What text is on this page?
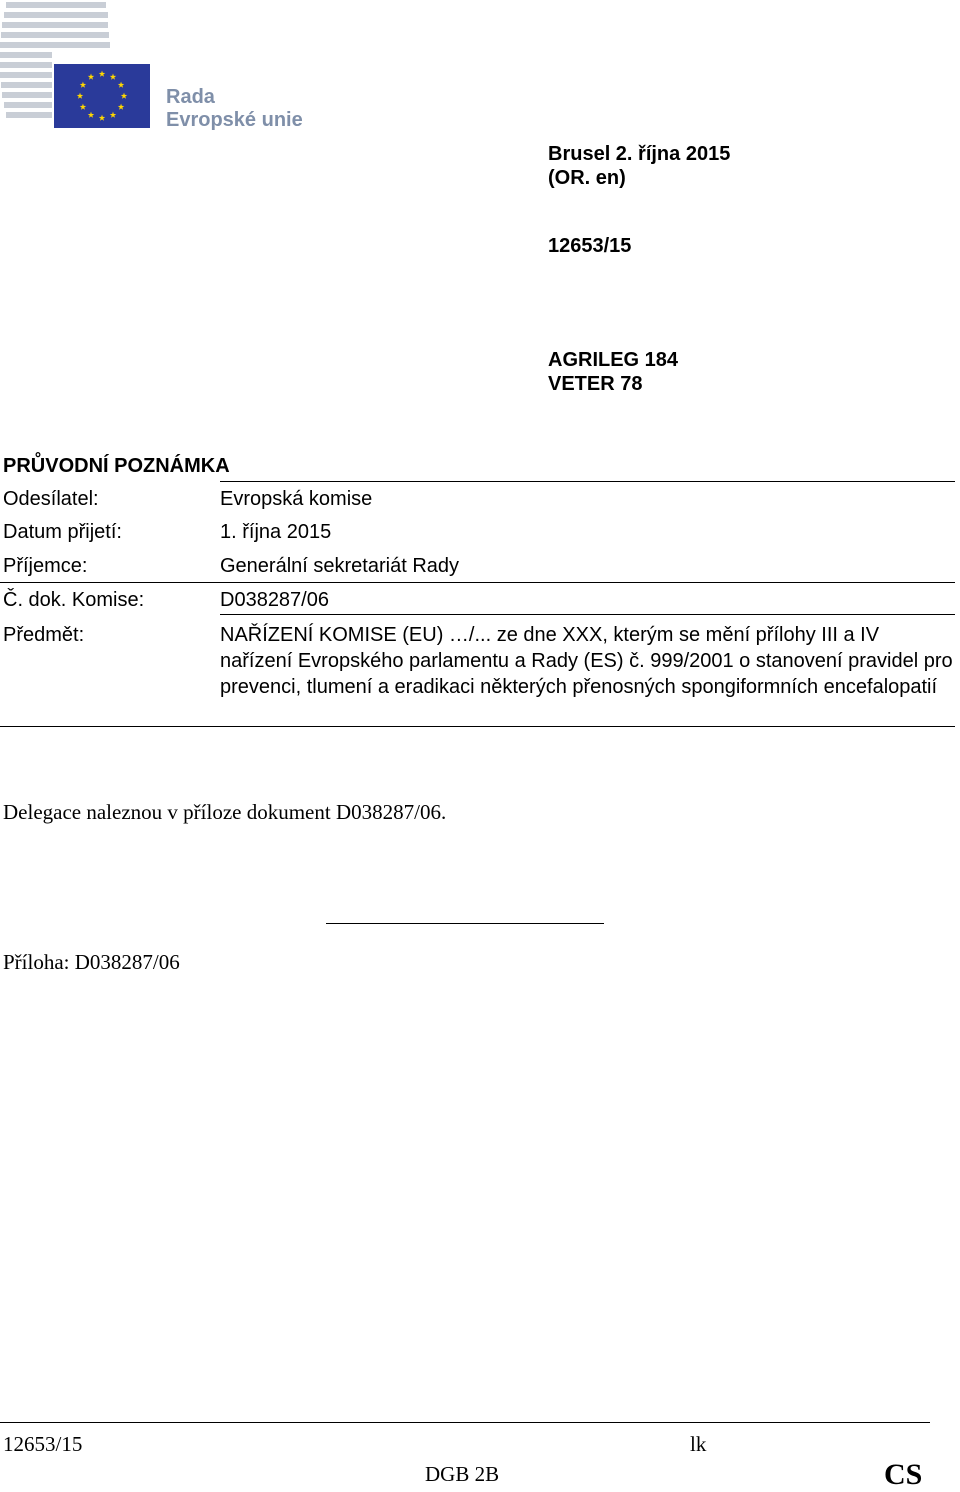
Rada
Evropské unie
Brusel 2. října 2015
(OR. en)
12653/15
AGRILEG 184
VETER 78
PRŮVODNÍ POZNÁMKA
Odesílatel:	Evropská komise
Datum přijetí:	1. října 2015
Příjemce:	Generální sekretariát Rady
Č. dok. Komise:	D038287/06
Předmět:	NAŘÍZENÍ KOMISE (EU) …/... ze dne XXX, kterým se mění přílohy III a IV nařízení Evropského parlamentu a Rady (ES) č. 999/2001 o stanovení pravidel pro prevenci, tlumení a eradikaci některých přenosných spongiformních encefalopatií
Delegace naleznou v příloze dokument D038287/06.
Příloha: D038287/06
12653/15	lk
DGB 2B	CS
